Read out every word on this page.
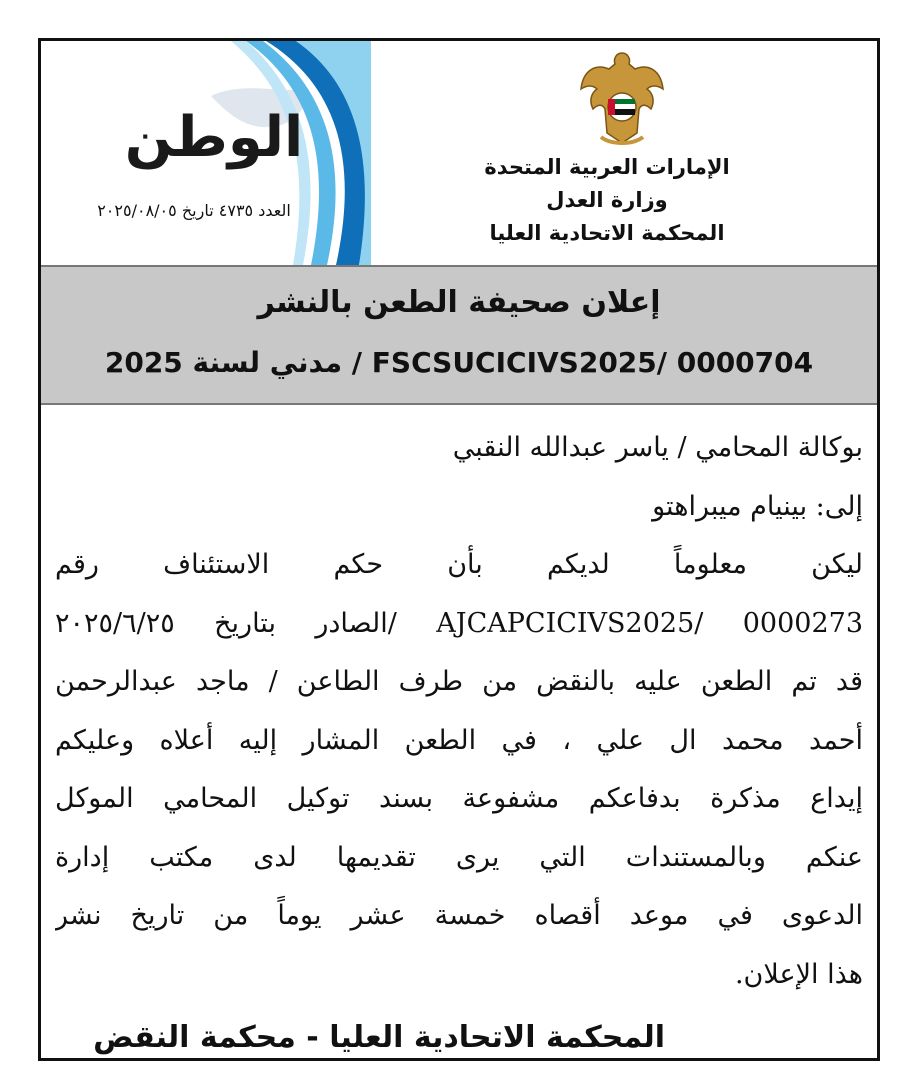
الوطن
العدد ٤٧٣٥ تاريخ ٢٠٢٥/٠٨/٠٥
الإمارات العربية المتحدة
وزارة العدل
المحكمة الاتحادية العليا
إعلان صحيفة الطعن بالنشر
FSCSUCICIVS2025/ 0000704 / مدني لسنة 2025
بوكالة المحامي / ياسر عبدالله النقبي
إلى: بينيام ميبراهتو
ليكن معلوماً لديكم بأن حكم الاستئناف رقم
AJCAPCICIVS2025/ 0000273 /الصادر بتاريخ ٢٠٢٥/٦/٢٥
قد تم الطعن عليه بالنقض من طرف الطاعن / ماجد عبدالرحمن
أحمد محمد ال علي ، في الطعن المشار إليه أعلاه وعليكم
إيداع مذكرة بدفاعكم مشفوعة بسند توكيل المحامي الموكل
عنكم وبالمستندات التي يرى تقديمها لدى مكتب إدارة
الدعوى في موعد أقصاه خمسة عشر يوماً من تاريخ نشر
هذا الإعلان.
المحكمة الاتحادية العليا - محكمة النقض
